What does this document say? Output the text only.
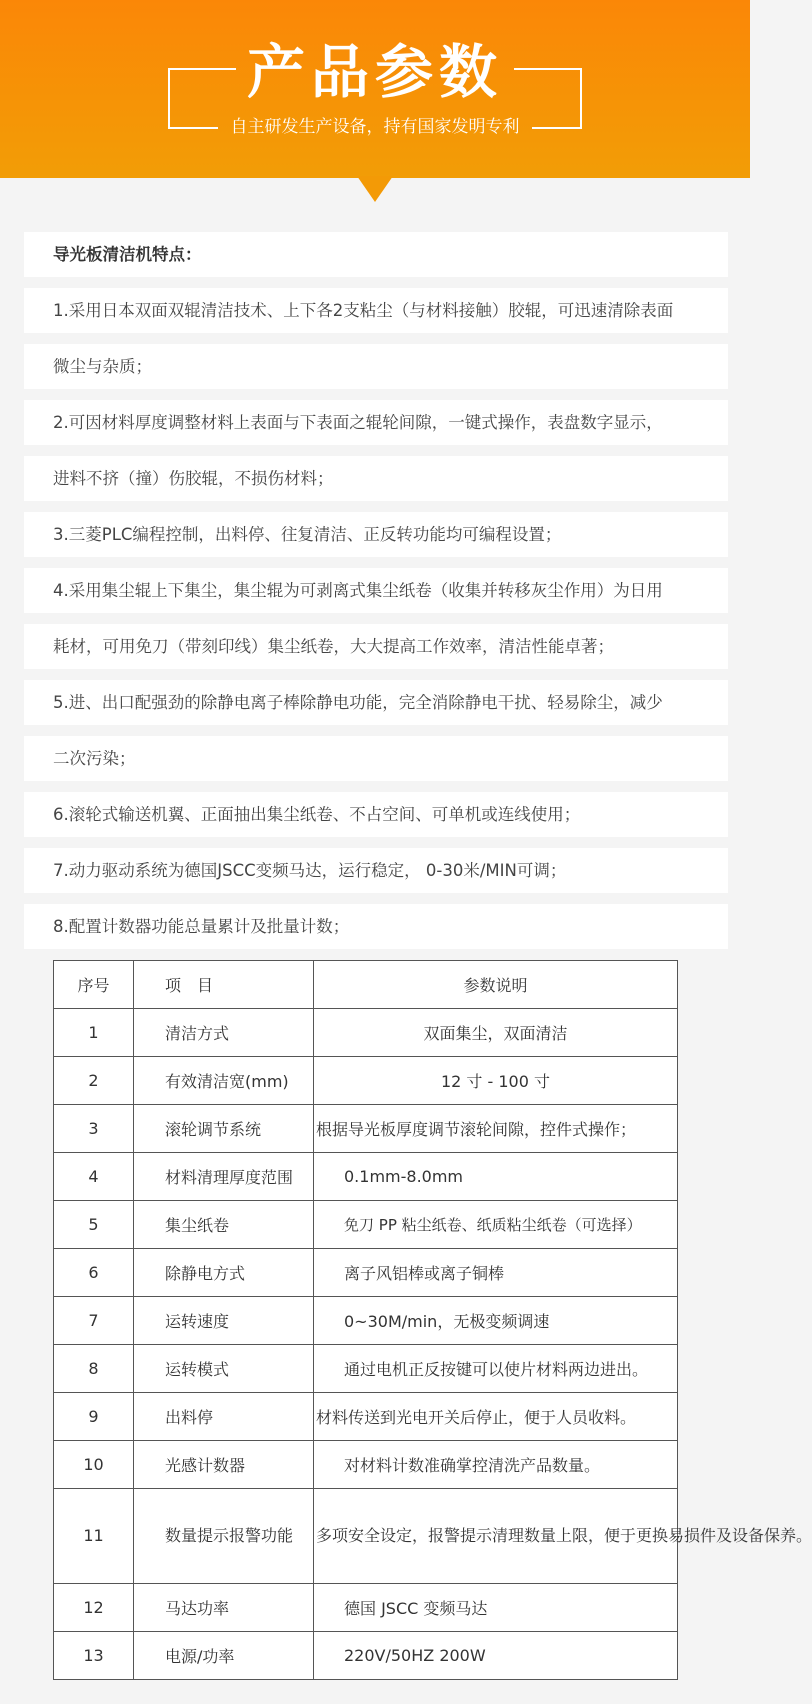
产品参数
自主研发生产设备，持有国家发明专利
导光板清洁机特点：
1.采用日本双面双辊清洁技术、上下各2支粘尘（与材料接触）胶辊，可迅速清除表面
微尘与杂质；
2.可因材料厚度调整材料上表面与下表面之辊轮间隙，一键式操作，表盘数字显示，
进料不挤（撞）伤胶辊，不损伤材料；
3.三菱PLC编程控制，出料停、往复清洁、正反转功能均可编程设置；
4.采用集尘辊上下集尘，集尘辊为可剥离式集尘纸卷（收集并转移灰尘作用）为日用
耗材，可用免刀（带刻印线）集尘纸卷，大大提高工作效率，清洁性能卓著；
5.进、出口配强劲的除静电离子棒除静电功能，完全消除静电干扰、轻易除尘，减少
二次污染；
6.滚轮式输送机翼、正面抽出集尘纸卷、不占空间、可单机或连线使用；
7.动力驱动系统为德国JSCC变频马达，运行稳定， 0-30米/MIN可调；
8.配置计数器功能总量累计及批量计数；
序号	项　目	参数说明
1	清洁方式	双面集尘，双面清洁
2	有效清洁宽(mm)	12 寸 - 100 寸
3	滚轮调节系统	根据导光板厚度调节滚轮间隙，控件式操作；
4	材料清理厚度范围	0.1mm-8.0mm
5	集尘纸卷	免刀 PP 粘尘纸卷、纸质粘尘纸卷（可选择）
6	除静电方式	离子风铝棒或离子铜棒
7	运转速度	0~30M/min，无极变频调速
8	运转模式	通过电机正反按键可以使片材料两边进出。
9	出料停	材料传送到光电开关后停止，便于人员收料。
10	光感计数器	对材料计数准确掌控清洗产品数量。
11	数量提示报警功能	多项安全设定，报警提示清理数量上限，便于更换易损件及设备保养。
12	马达功率	德国 JSCC 变频马达
13	电源/功率	220V/50HZ 200W
